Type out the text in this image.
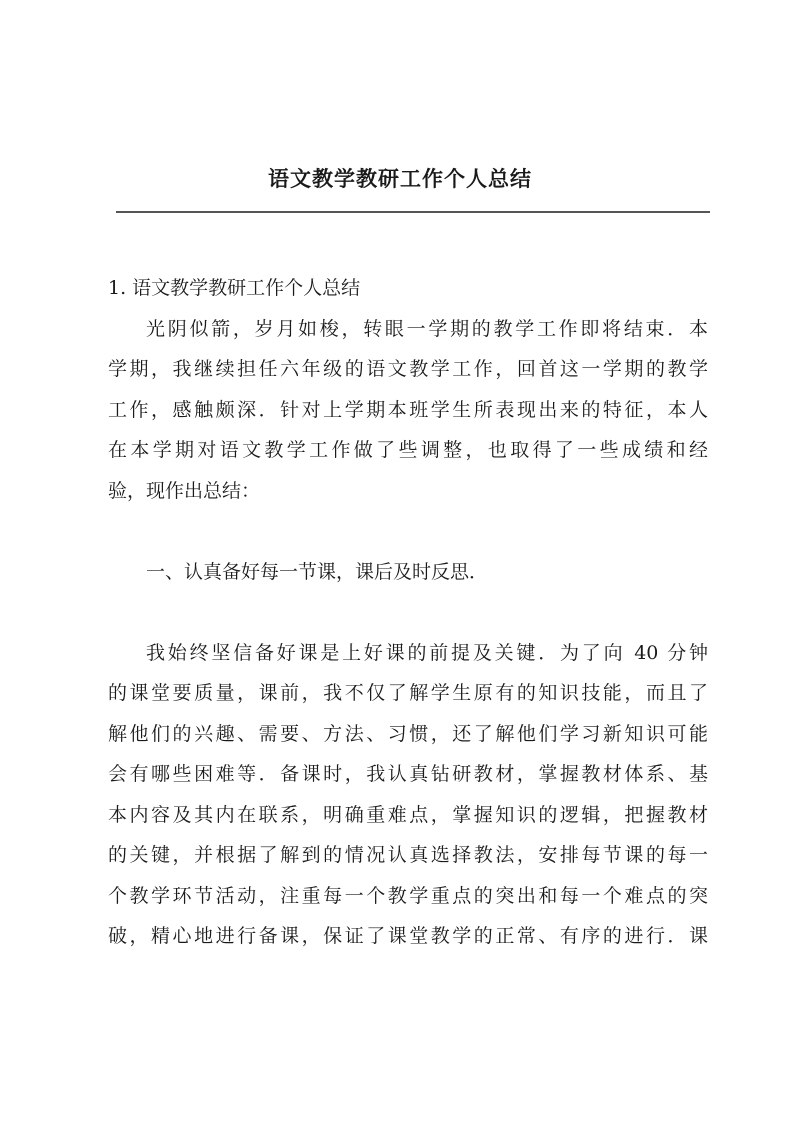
语文教学教研工作个人总结
1. 语文教学教研工作个人总结
光阴似箭，岁月如梭，转眼一学期的教学工作即将结束．本
学期，我继续担任六年级的语文教学工作，回首这一学期的教学
工作，感触颇深．针对上学期本班学生所表现出来的特征，本人
在本学期对语文教学工作做了些调整，也取得了一些成绩和经
验，现作出总结：
一、认真备好每一节课，课后及时反思．
我始终坚信备好课是上好课的前提及关键．为了向 40 分钟
的课堂要质量，课前，我不仅了解学生原有的知识技能，而且了
解他们的兴趣、需要、方法、习惯，还了解他们学习新知识可能
会有哪些困难等．备课时，我认真钻研教材，掌握教材体系、基
本内容及其内在联系，明确重难点，掌握知识的逻辑，把握教材
的关键，并根据了解到的情况认真选择教法，安排每节课的每一
个教学环节活动，注重每一个教学重点的突出和每一个难点的突
破，精心地进行备课，保证了课堂教学的正常、有序的进行．课
